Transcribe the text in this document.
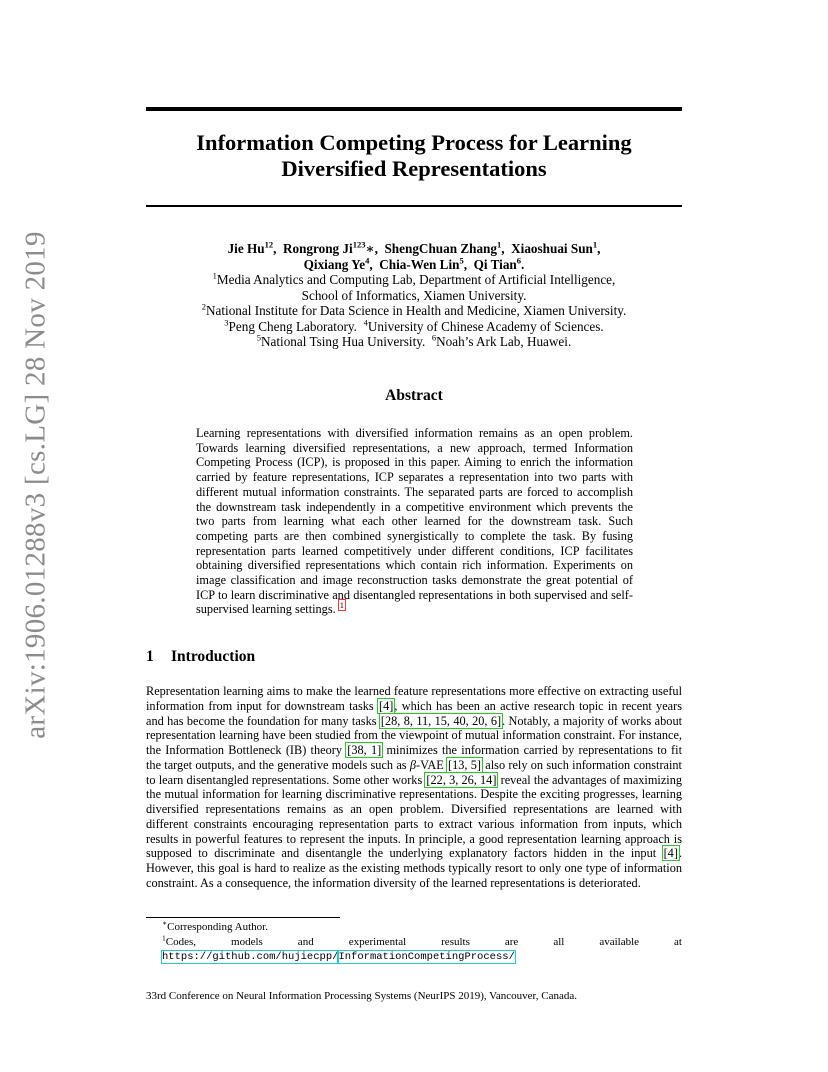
arXiv:1906.01288v3 [cs.LG] 28 Nov 2019
Information Competing Process for Learning
Diversified Representations
Jie Hu$^{12}$,  Rongrong Ji$^{123}$∗,  ShengChuan Zhang$^1$,  Xiaoshuai Sun$^1$,
Qixiang Ye$^4$,  Chia-Wen Lin$^5$,  Qi Tian$^6$.
$^1$Media Analytics and Computing Lab, Department of Artificial Intelligence,
School of Informatics, Xiamen University.
$^2$National Institute for Data Science in Health and Medicine, Xiamen University.
$^3$Peng Cheng Laboratory. $^4$University of Chinese Academy of Sciences.
$^5$National Tsing Hua University. $^6$Noah’s Ark Lab, Huawei.
Abstract
Learning representations with diversified information remains as an open problem. Towards learning diversified representations, a new approach, termed Information Competing Process (ICP), is proposed in this paper. Aiming to enrich the information carried by feature representations, ICP separates a representation into two parts with different mutual information constraints. The separated parts are forced to accomplish the downstream task independently in a competitive environment which prevents the two parts from learning what each other learned for the downstream task. Such competing parts are then combined synergistically to complete the task. By fusing representation parts learned competitively under different conditions, ICP facilitates obtaining diversified representations which contain rich information. Experiments on image classification and image reconstruction tasks demonstrate the great potential of ICP to learn discriminative and disentangled representations in both supervised and self-supervised learning settings. $^1$
1 Introduction
Representation learning aims to make the learned feature representations more effective on extracting useful information from input for downstream tasks [4], which has been an active research topic in recent years and has become the foundation for many tasks [28, 8, 11, 15, 40, 20, 6]. Notably, a majority of works about representation learning have been studied from the viewpoint of mutual information constraint. For instance, the Information Bottleneck (IB) theory [38, 1] minimizes the information carried by representations to fit the target outputs, and the generative models such as β-VAE [13, 5] also rely on such information constraint to learn disentangled representations. Some other works [22, 3, 26, 14] reveal the advantages of maximizing the mutual information for learning discriminative representations. Despite the exciting progresses, learning diversified representations remains as an open problem. Diversified representations are learned with different constraints encouraging representation parts to extract various information from inputs, which results in powerful features to represent the inputs. In principle, a good representation learning approach is supposed to discriminate and disentangle the underlying explanatory factors hidden in the input [4]. However, this goal is hard to realize as the existing methods typically resort to only one type of information constraint. As a consequence, the information diversity of the learned representations is deteriorated.
∗Corresponding Author.
$^1$Codes, models and experimental results are all available at https://github.com/hujiecpp/InformationCompetingProcess/
33rd Conference on Neural Information Processing Systems (NeurIPS 2019), Vancouver, Canada.
